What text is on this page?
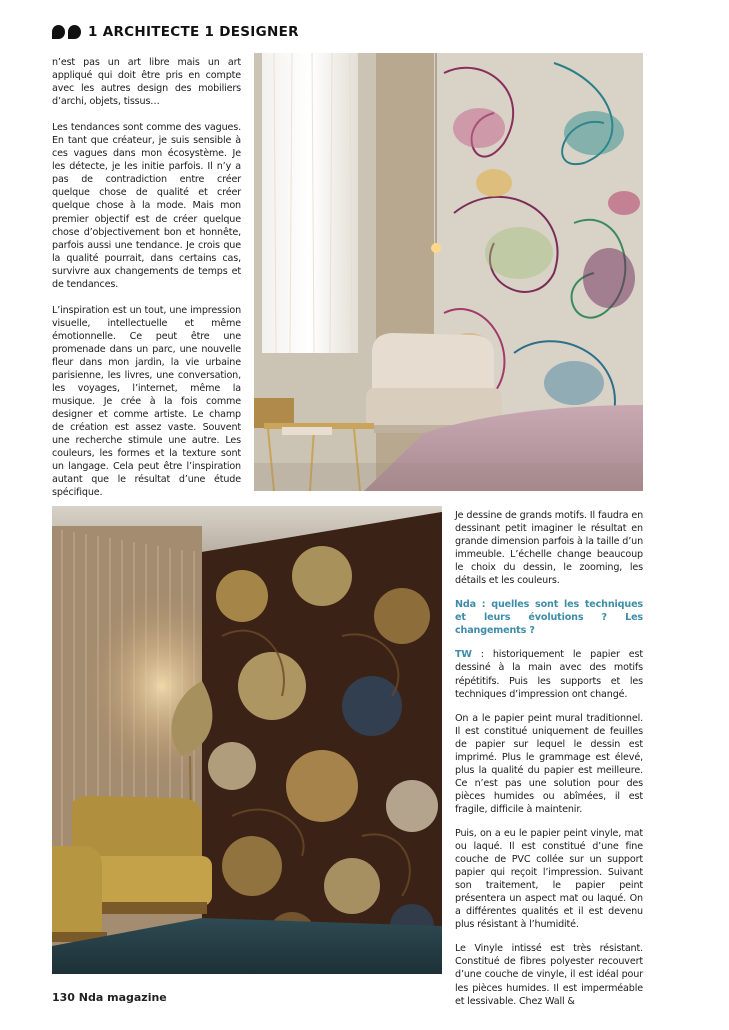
1 ARCHITECTE 1 DESIGNER

n’est pas un art libre mais un art appliqué qui doit être pris en compte avec les autres design des mobiliers d’archi, objets, tissus…

Les tendances sont comme des vagues. En tant que créateur, je suis sensible à ces vagues dans mon écosystème. Je les détecte, je les initie parfois. Il n’y a pas de contradiction entre créer quelque chose de qualité et créer quelque chose à la mode. Mais mon premier objectif est de créer quelque chose d’objectivement bon et honnête, parfois aussi une tendance. Je crois que la qualité pourrait, dans certains cas, survivre aux changements de temps et de tendances.

L’inspiration est un tout, une impression visuelle, intellectuelle et même émotionnelle. Ce peut être une promenade dans un parc, une nouvelle fleur dans mon jardin, la vie urbaine parisienne, les livres, une conversation, les voyages, l’internet, même la musique. Je crée à la fois comme designer et comme artiste. Le champ de création est assez vaste. Souvent une recherche stimule une autre. Les couleurs, les formes et la texture sont un langage. Cela peut être l’inspiration autant que le résultat d’une étude spécifique.

Je dessine de grands motifs. Il faudra en dessinant petit imaginer le résultat en grande dimension parfois à la taille d’un immeuble. L’échelle change beaucoup le choix du dessin, le zooming, les détails et les couleurs.

Nda : quelles sont les techniques et leurs évolutions ? Les changements ?

TW : historiquement le papier est dessiné à la main avec des motifs répétitifs. Puis les supports et les techniques d’impression ont changé.

On a le papier peint mural traditionnel. Il est constitué uniquement de feuilles de papier sur lequel le dessin est imprimé. Plus le grammage est élevé, plus la qualité du papier est meilleure. Ce n’est pas une solution pour des pièces humides ou abîmées, il est fragile, difficile à maintenir.

Puis, on a eu le papier peint vinyle, mat ou laqué. Il est constitué d’une fine couche de PVC collée sur un support papier qui reçoit l’impression. Suivant son traitement, le papier peint présentera un aspect mat ou laqué. On a différentes qualités et il est devenu plus résistant à l’humidité.

Le Vinyle intissé est très résistant. Constitué de fibres polyester recouvert d’une couche de vinyle, il est idéal pour les pièces humides. Il est imperméable et lessivable. Chez Wall &

130 Nda magazine
